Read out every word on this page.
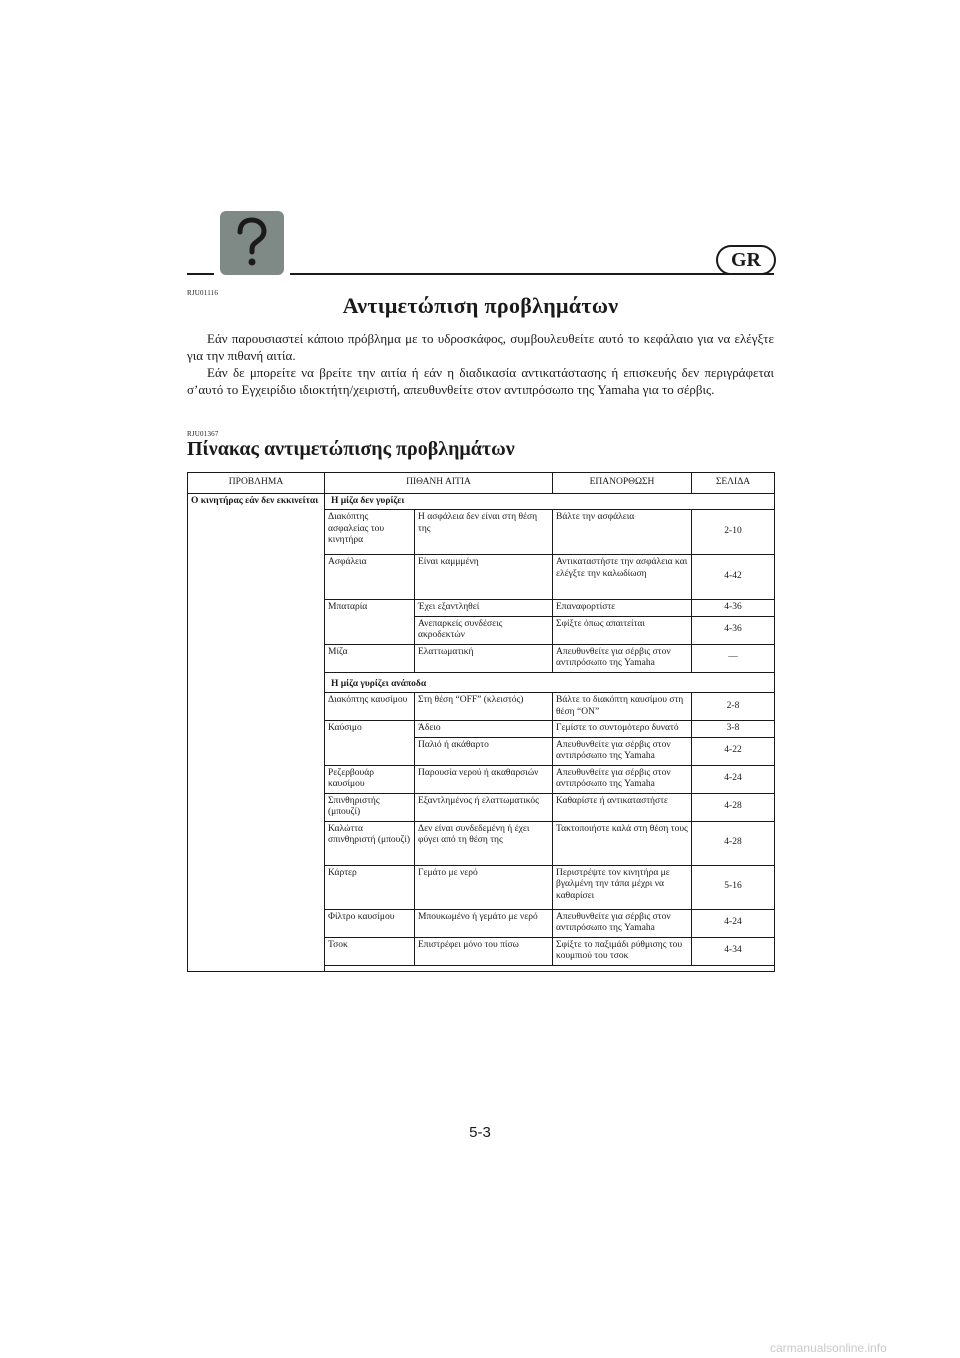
GR
RJU01116	Αντιμετώπιση προβλημάτων
Εάν παρουσιαστεί κάποιο πρόβλημα με το υδροσκάφος, συμβουλευθείτε αυτό το κεφάλαιο για να ελέγξτε για την πιθανή αιτία.
Εάν δε μπορείτε να βρείτε την αιτία ή εάν η διαδικασία αντικατάστασης ή επισκευής δεν περιγράφεται σ’αυτό το Εγχειρίδιο ιδιοκτήτη/χειριστή, απευθυνθείτε στον αντιπρόσωπο της Yamaha για το σέρβις.
RJU01367
Πίνακας αντιμετώπισης προβλημάτων
ΠΡΟΒΛΗΜΑ	ΠΙΘΑΝΗ ΑΙΤΙΑ		ΕΠΑΝΟΡΘΩΣΗ	ΣΕΛΙΔΑ
Ο κινητήρας εάν δεν εκκινείται	Η μίζα δεν γυρίζει			
	Διακόπτης ασφαλείας του κινητήρα	Η ασφάλεια δεν είναι στη θέση της	Βάλτε την ασφάλεια	2-10
	Ασφάλεια	Είναι καμμμένη	Αντικαταστήστε την ασφάλεια και ελέγξτε την καλωδίωση	4-42
	Μπαταρία	Έχει εξαντληθεί	Επαναφορτίστε	4-36
		Ανεπαρκείς συνδέσεις ακροδεκτών	Σφίξτε όπως απαιτείται	4-36
	Μίζα	Ελαττωματική	Απευθυνθείτε για σέρβις στον αντιπρόσωπο της Yamaha	—
	Η μίζα γυρίζει ανάποδα			
	Διακόπτης καυσίμου	Στη θέση “OFF” (κλειστός)	Βάλτε το διακόπτη καυσίμου στη θέση “ON”	2-8
	Καύσιμο	Άδειο	Γεμίστε το συντομότερο δυνατό	3-8
		Παλιό ή ακάθαρτο	Απευθυνθείτε για σέρβις στον αντιπρόσωπο της Yamaha	4-22
	Ρεζερβουάρ καυσίμου	Παρουσία νερού ή ακαθαρσιών	Απευθυνθείτε για σέρβις στον αντιπρόσωπο της Yamaha	4-24
	Σπινθηριστής (μπουζί)	Εξαντλημένος ή ελαττωματικός	Καθαρίστε ή αντικαταστήστε	4-28
	Καλώττα σπινθηριστή (μπουζί)	Δεν είναι συνδεδεμένη ή έχει φύγει από τη θέση της	Τακτοποιήστε καλά στη θέση τους	4-28
	Κάρτερ	Γεμάτο με νερό	Περιστρέψτε τον κινητήρα με βγαλμένη την τάπα μέχρι να καθαρίσει	5-16
	Φίλτρο καυσίμου	Μπουκωμένο ή γεμάτο με νερό	Απευθυνθείτε για σέρβις στον αντιπρόσωπο της Yamaha	4-24
	Τσοκ	Επιστρέφει μόνο του πίσω	Σφίξτε το παξιμάδι ρύθμισης του κουμπιού του τσοκ	4-34

5-3
carmanualsonline.info
